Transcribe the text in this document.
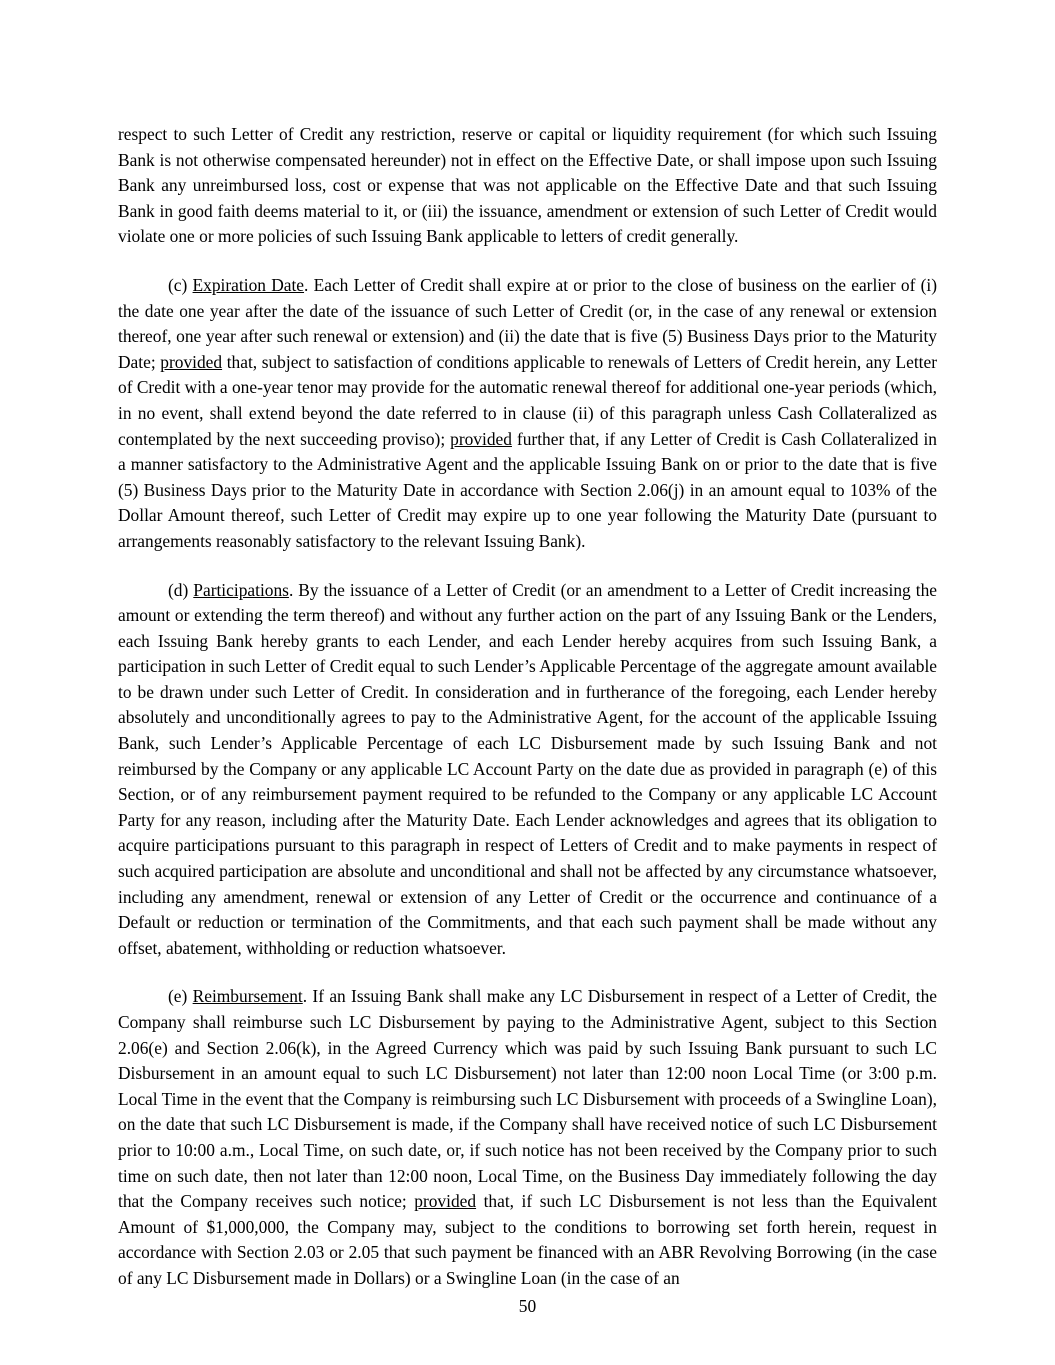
respect to such Letter of Credit any restriction, reserve or capital or liquidity requirement (for which such Issuing Bank is not otherwise compensated hereunder) not in effect on the Effective Date, or shall impose upon such Issuing Bank any unreimbursed loss, cost or expense that was not applicable on the Effective Date and that such Issuing Bank in good faith deems material to it, or (iii) the issuance, amendment or extension of such Letter of Credit would violate one or more policies of such Issuing Bank applicable to letters of credit generally.

(c) Expiration Date. Each Letter of Credit shall expire at or prior to the close of business on the earlier of (i) the date one year after the date of the issuance of such Letter of Credit (or, in the case of any renewal or extension thereof, one year after such renewal or extension) and (ii) the date that is five (5) Business Days prior to the Maturity Date; provided that, subject to satisfaction of conditions applicable to renewals of Letters of Credit herein, any Letter of Credit with a one-year tenor may provide for the automatic renewal thereof for additional one-year periods (which, in no event, shall extend beyond the date referred to in clause (ii) of this paragraph unless Cash Collateralized as contemplated by the next succeeding proviso); provided further that, if any Letter of Credit is Cash Collateralized in a manner satisfactory to the Administrative Agent and the applicable Issuing Bank on or prior to the date that is five (5) Business Days prior to the Maturity Date in accordance with Section 2.06(j) in an amount equal to 103% of the Dollar Amount thereof, such Letter of Credit may expire up to one year following the Maturity Date (pursuant to arrangements reasonably satisfactory to the relevant Issuing Bank).

(d) Participations. By the issuance of a Letter of Credit (or an amendment to a Letter of Credit increasing the amount or extending the term thereof) and without any further action on the part of any Issuing Bank or the Lenders, each Issuing Bank hereby grants to each Lender, and each Lender hereby acquires from such Issuing Bank, a participation in such Letter of Credit equal to such Lender’s Applicable Percentage of the aggregate amount available to be drawn under such Letter of Credit. In consideration and in furtherance of the foregoing, each Lender hereby absolutely and unconditionally agrees to pay to the Administrative Agent, for the account of the applicable Issuing Bank, such Lender’s Applicable Percentage of each LC Disbursement made by such Issuing Bank and not reimbursed by the Company or any applicable LC Account Party on the date due as provided in paragraph (e) of this Section, or of any reimbursement payment required to be refunded to the Company or any applicable LC Account Party for any reason, including after the Maturity Date. Each Lender acknowledges and agrees that its obligation to acquire participations pursuant to this paragraph in respect of Letters of Credit and to make payments in respect of such acquired participation are absolute and unconditional and shall not be affected by any circumstance whatsoever, including any amendment, renewal or extension of any Letter of Credit or the occurrence and continuance of a Default or reduction or termination of the Commitments, and that each such payment shall be made without any offset, abatement, withholding or reduction whatsoever.

(e) Reimbursement. If an Issuing Bank shall make any LC Disbursement in respect of a Letter of Credit, the Company shall reimburse such LC Disbursement by paying to the Administrative Agent, subject to this Section 2.06(e) and Section 2.06(k), in the Agreed Currency which was paid by such Issuing Bank pursuant to such LC Disbursement in an amount equal to such LC Disbursement) not later than 12:00 noon Local Time (or 3:00 p.m. Local Time in the event that the Company is reimbursing such LC Disbursement with proceeds of a Swingline Loan), on the date that such LC Disbursement is made, if the Company shall have received notice of such LC Disbursement prior to 10:00 a.m., Local Time, on such date, or, if such notice has not been received by the Company prior to such time on such date, then not later than 12:00 noon, Local Time, on the Business Day immediately following the day that the Company receives such notice; provided that, if such LC Disbursement is not less than the Equivalent Amount of $1,000,000, the Company may, subject to the conditions to borrowing set forth herein, request in accordance with Section 2.03 or 2.05 that such payment be financed with an ABR Revolving Borrowing (in the case of any LC Disbursement made in Dollars) or a Swingline Loan (in the case of an

50
